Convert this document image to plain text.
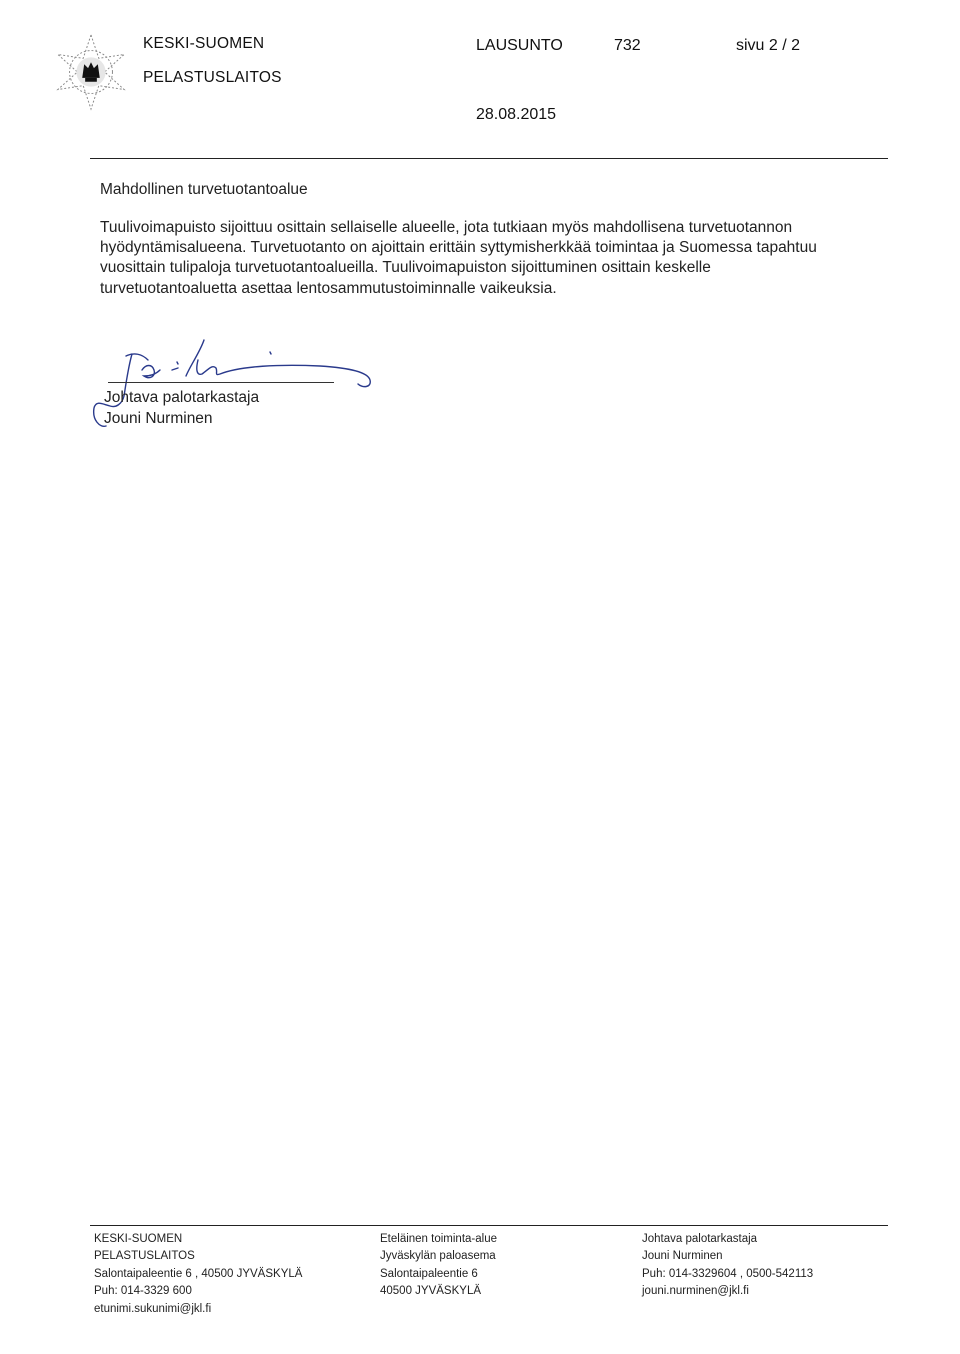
KESKI-SUOMEN
PELASTUSLAITOS
LAUSUNTO	732	sivu 2 / 2
28.08.2015
Mahdollinen turvetuotantoalue
Tuulivoimapuisto sijoittuu osittain sellaiselle alueelle, jota tutkiaan myös mahdollisena turvetuotannon hyödyntämisalueena. Turvetuotanto on ajoittain erittäin syttymisherkkää toimintaa ja Suomessa tapahtuu vuosittain tulipaloja turvetuotantoalueilla. Tuulivoimapuiston sijoittuminen osittain keskelle turvetuotantoaluetta asettaa lentosammutustoiminnalle vaikeuksia.
Johtava palotarkastaja
Jouni Nurminen
KESKI-SUOMEN
PELASTUSLAITOS
Salontaipaleentie 6 , 40500 JYVÄSKYLÄ
Puh: 014-3329 600
etunimi.sukunimi@jkl.fi
Eteläinen toiminta-alue
Jyväskylän paloasema
Salontaipaleentie 6
40500 JYVÄSKYLÄ
Johtava palotarkastaja
Jouni Nurminen
Puh: 014-3329604 , 0500-542113
jouni.nurminen@jkl.fi
